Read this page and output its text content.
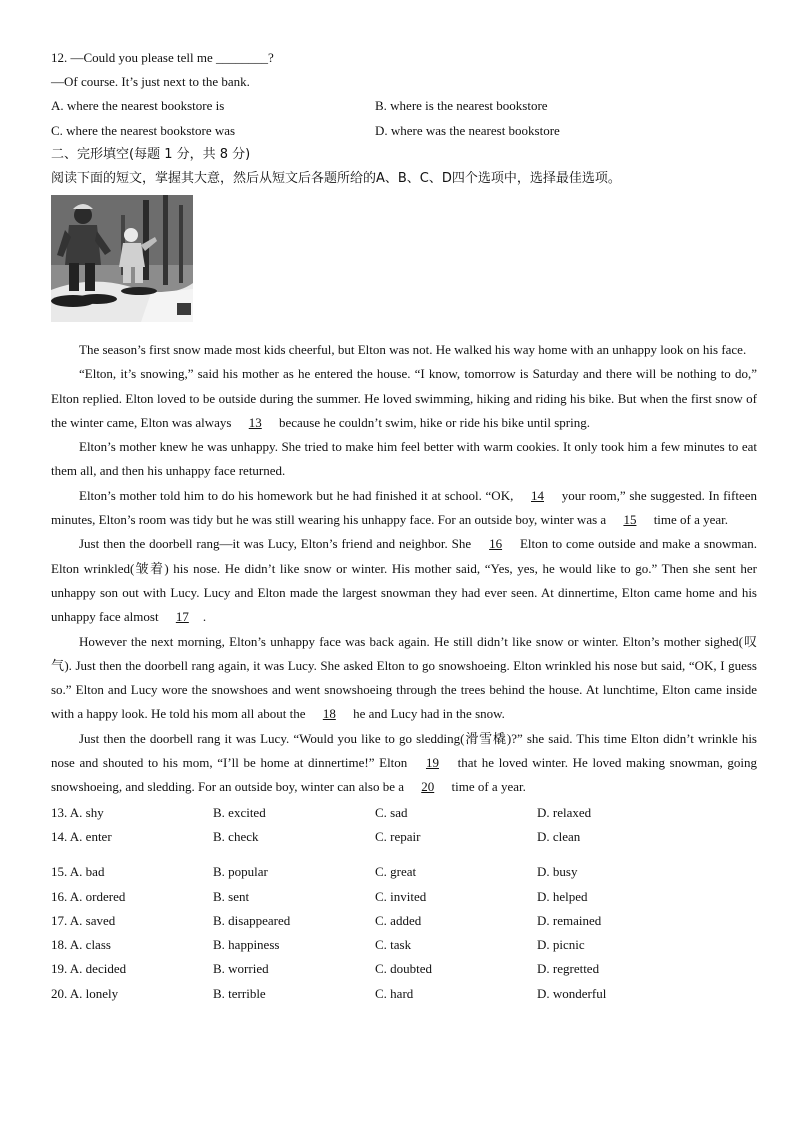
12. —Could you please tell me ________?
—Of course. It’s just next to the bank.
A. where the nearest bookstore is	B. where is the nearest bookstore
C. where the nearest bookstore was	D. where was the nearest bookstore
二、完形填空(每题 1 分，共 8 分)
阅读下面的短文，掌握其大意，然后从短文后各题所给的A、B、C、D四个选项中，选择最佳选项。

The season’s first snow made most kids cheerful, but Elton was not. He walked his way home with an unhappy look on his face.

“Elton, it’s snowing,” said his mother as he entered the house. “I know, tomorrow is Saturday and there will be nothing to do,” Elton replied. Elton loved to be outside during the summer. He loved swimming, hiking and riding his bike. But when the first snow of the winter came, Elton was always 13 because he couldn’t swim, hike or ride his bike until spring.

Elton’s mother knew he was unhappy. She tried to make him feel better with warm cookies. It only took him a few minutes to eat them all, and then his unhappy face returned.

Elton’s mother told him to do his homework but he had finished it at school. “OK, 14 your room,” she suggested. In fifteen minutes, Elton’s room was tidy but he was still wearing his unhappy face. For an outside boy, winter was a 15 time of a year.

Just then the doorbell rang—it was Lucy, Elton’s friend and neighbor. She 16 Elton to come outside and make a snowman. Elton wrinkled(皱着) his nose. He didn’t like snow or winter. His mother said, “Yes, yes, he would like to go.” Then she sent her unhappy son out with Lucy. Lucy and Elton made the largest snowman they had ever seen. At dinnertime, Elton came home and his unhappy face almost 17 .

However the next morning, Elton’s unhappy face was back again. He still didn’t like snow or winter. Elton’s mother sighed(叹气). Just then the doorbell rang again, it was Lucy. She asked Elton to go snowshoeing. Elton wrinkled his nose but said, “OK, I guess so.” Elton and Lucy wore the snowshoes and went snowshoeing through the trees behind the house. At lunchtime, Elton came inside with a happy look. He told his mom all about the 18 he and Lucy had in the snow.

Just then the doorbell rang it was Lucy. “Would you like to go sledding(滑雪橇)?” she said. This time Elton didn’t wrinkle his nose and shouted to his mom, “I’ll be home at dinnertime!” Elton 19 that he loved winter. He loved making snowman, going snowshoeing, and sledding. For an outside boy, winter can also be a 20 time of a year.

13. A. shy	B. excited	C. sad	D. relaxed
14. A. enter	B. check	C. repair	D. clean
15. A. bad	B. popular	C. great	D. busy
16. A. ordered	B. sent	C. invited	D. helped
17. A. saved	B. disappeared	C. added	D. remained
18. A. class	B. happiness	C. task	D. picnic
19. A. decided	B. worried	C. doubted	D. regretted
20. A. lonely	B. terrible	C. hard	D. wonderful
